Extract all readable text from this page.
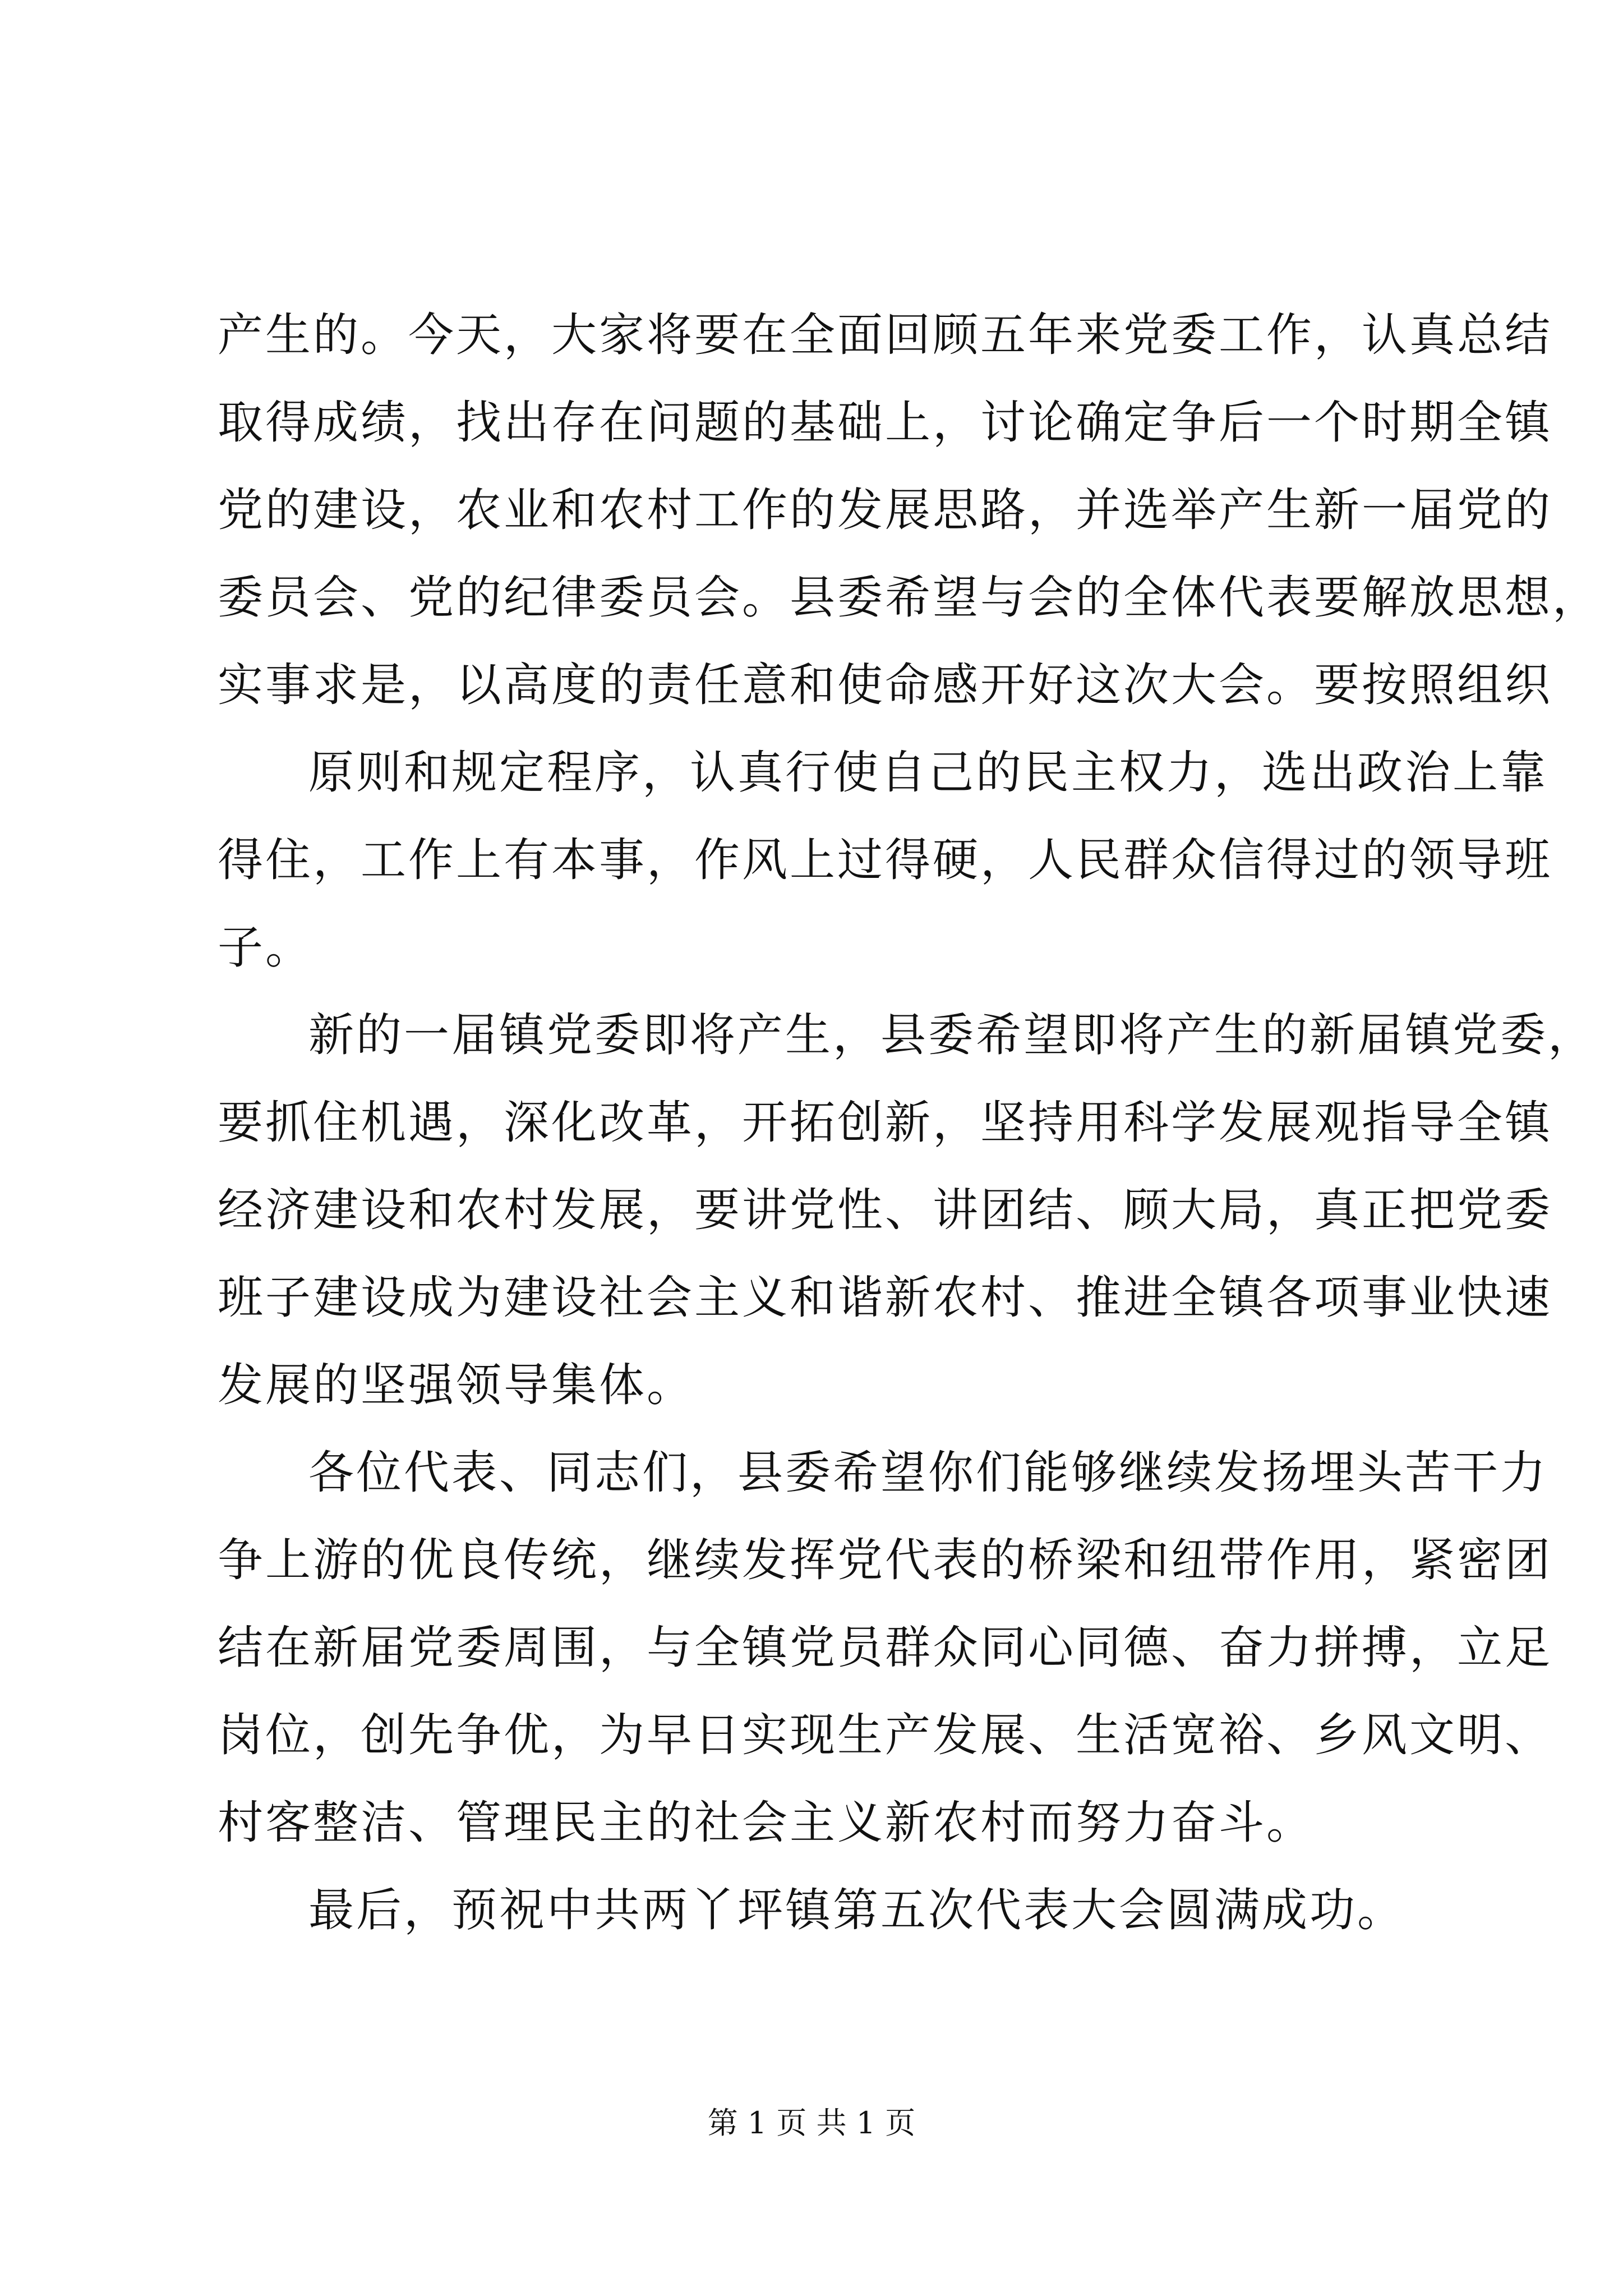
产生的。今天，大家将要在全面回顾五年来党委工作，认真总结
取得成绩，找出存在问题的基础上，讨论确定争后一个时期全镇
党的建设，农业和农村工作的发展思路，并选举产生新一届党的
委员会、党的纪律委员会。县委希望与会的全体代表要解放思想，
实事求是，以高度的责任意和使命感开好这次大会。要按照组织
原则和规定程序，认真行使自己的民主权力，选出政治上靠
得住，工作上有本事，作风上过得硬，人民群众信得过的领导班
子。
新的一届镇党委即将产生，县委希望即将产生的新届镇党委，
要抓住机遇，深化改革，开拓创新，坚持用科学发展观指导全镇
经济建设和农村发展，要讲党性、讲团结、顾大局，真正把党委
班子建设成为建设社会主义和谐新农村、推进全镇各项事业快速
发展的坚强领导集体。
各位代表、同志们，县委希望你们能够继续发扬埋头苦干力
争上游的优良传统，继续发挥党代表的桥梁和纽带作用，紧密团
结在新届党委周围，与全镇党员群众同心同德、奋力拼搏，立足
岗位，创先争优，为早日实现生产发展、生活宽裕、乡风文明、
村客整洁、管理民主的社会主义新农村而努力奋斗。
最后，预祝中共两丫坪镇第五次代表大会圆满成功。
第 1 页 共 1 页
